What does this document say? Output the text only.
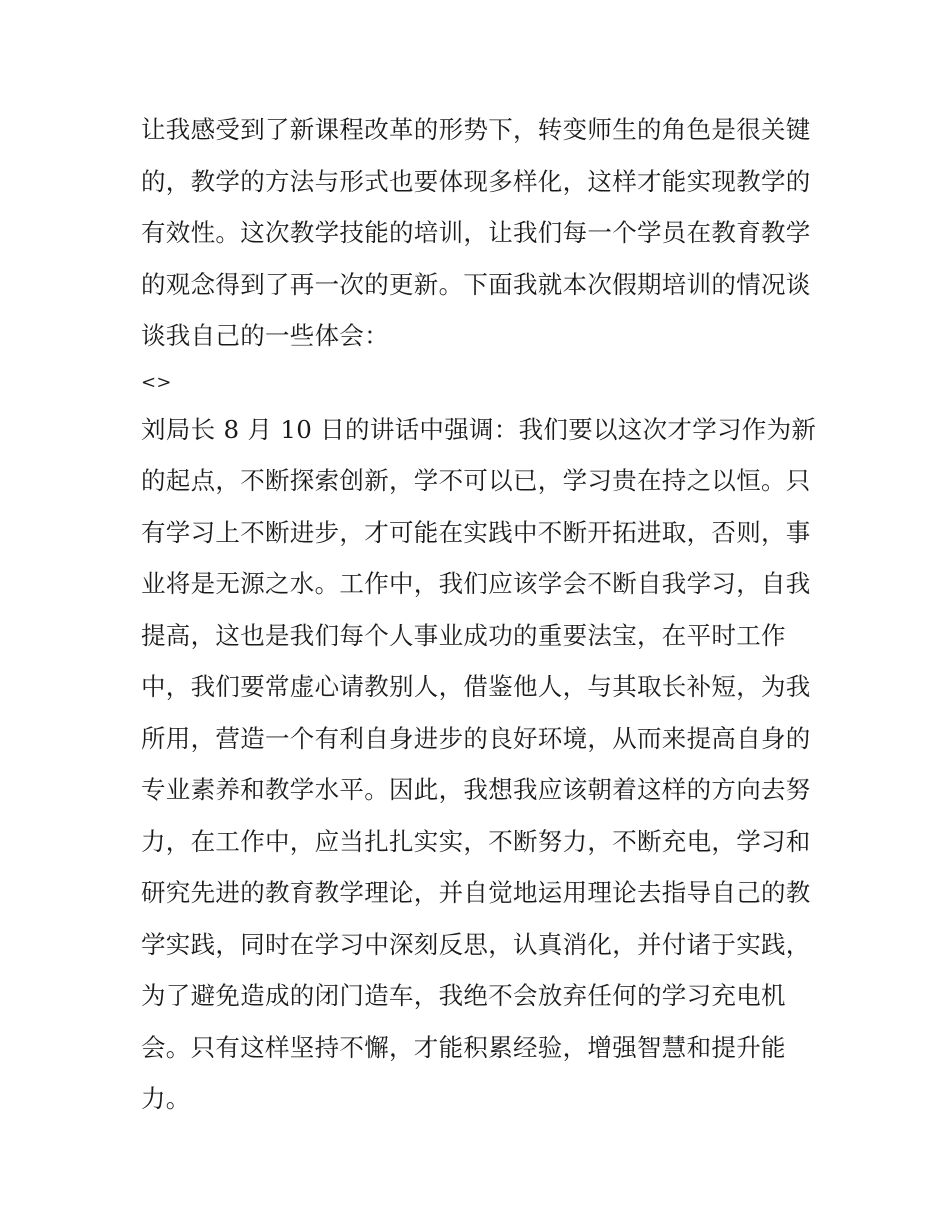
让我感受到了新课程改革的形势下，转变师生的角色是很关键
的，教学的方法与形式也要体现多样化，这样才能实现教学的
有效性。这次教学技能的培训，让我们每一个学员在教育教学
的观念得到了再一次的更新。下面我就本次假期培训的情况谈
谈我自己的一些体会：
<>
刘局长 8 月 10 日的讲话中强调：我们要以这次才学习作为新
的起点，不断探索创新，学不可以已，学习贵在持之以恒。只
有学习上不断进步，才可能在实践中不断开拓进取，否则，事
业将是无源之水。工作中，我们应该学会不断自我学习，自我
提高，这也是我们每个人事业成功的重要法宝，在平时工作
中，我们要常虚心请教别人，借鉴他人，与其取长补短，为我
所用，营造一个有利自身进步的良好环境，从而来提高自身的
专业素养和教学水平。因此，我想我应该朝着这样的方向去努
力，在工作中，应当扎扎实实，不断努力，不断充电，学习和
研究先进的教育教学理论，并自觉地运用理论去指导自己的教
学实践，同时在学习中深刻反思，认真消化，并付诸于实践，
为了避免造成的闭门造车，我绝不会放弃任何的学习充电机
会。只有这样坚持不懈，才能积累经验，增强智慧和提升能
力。
